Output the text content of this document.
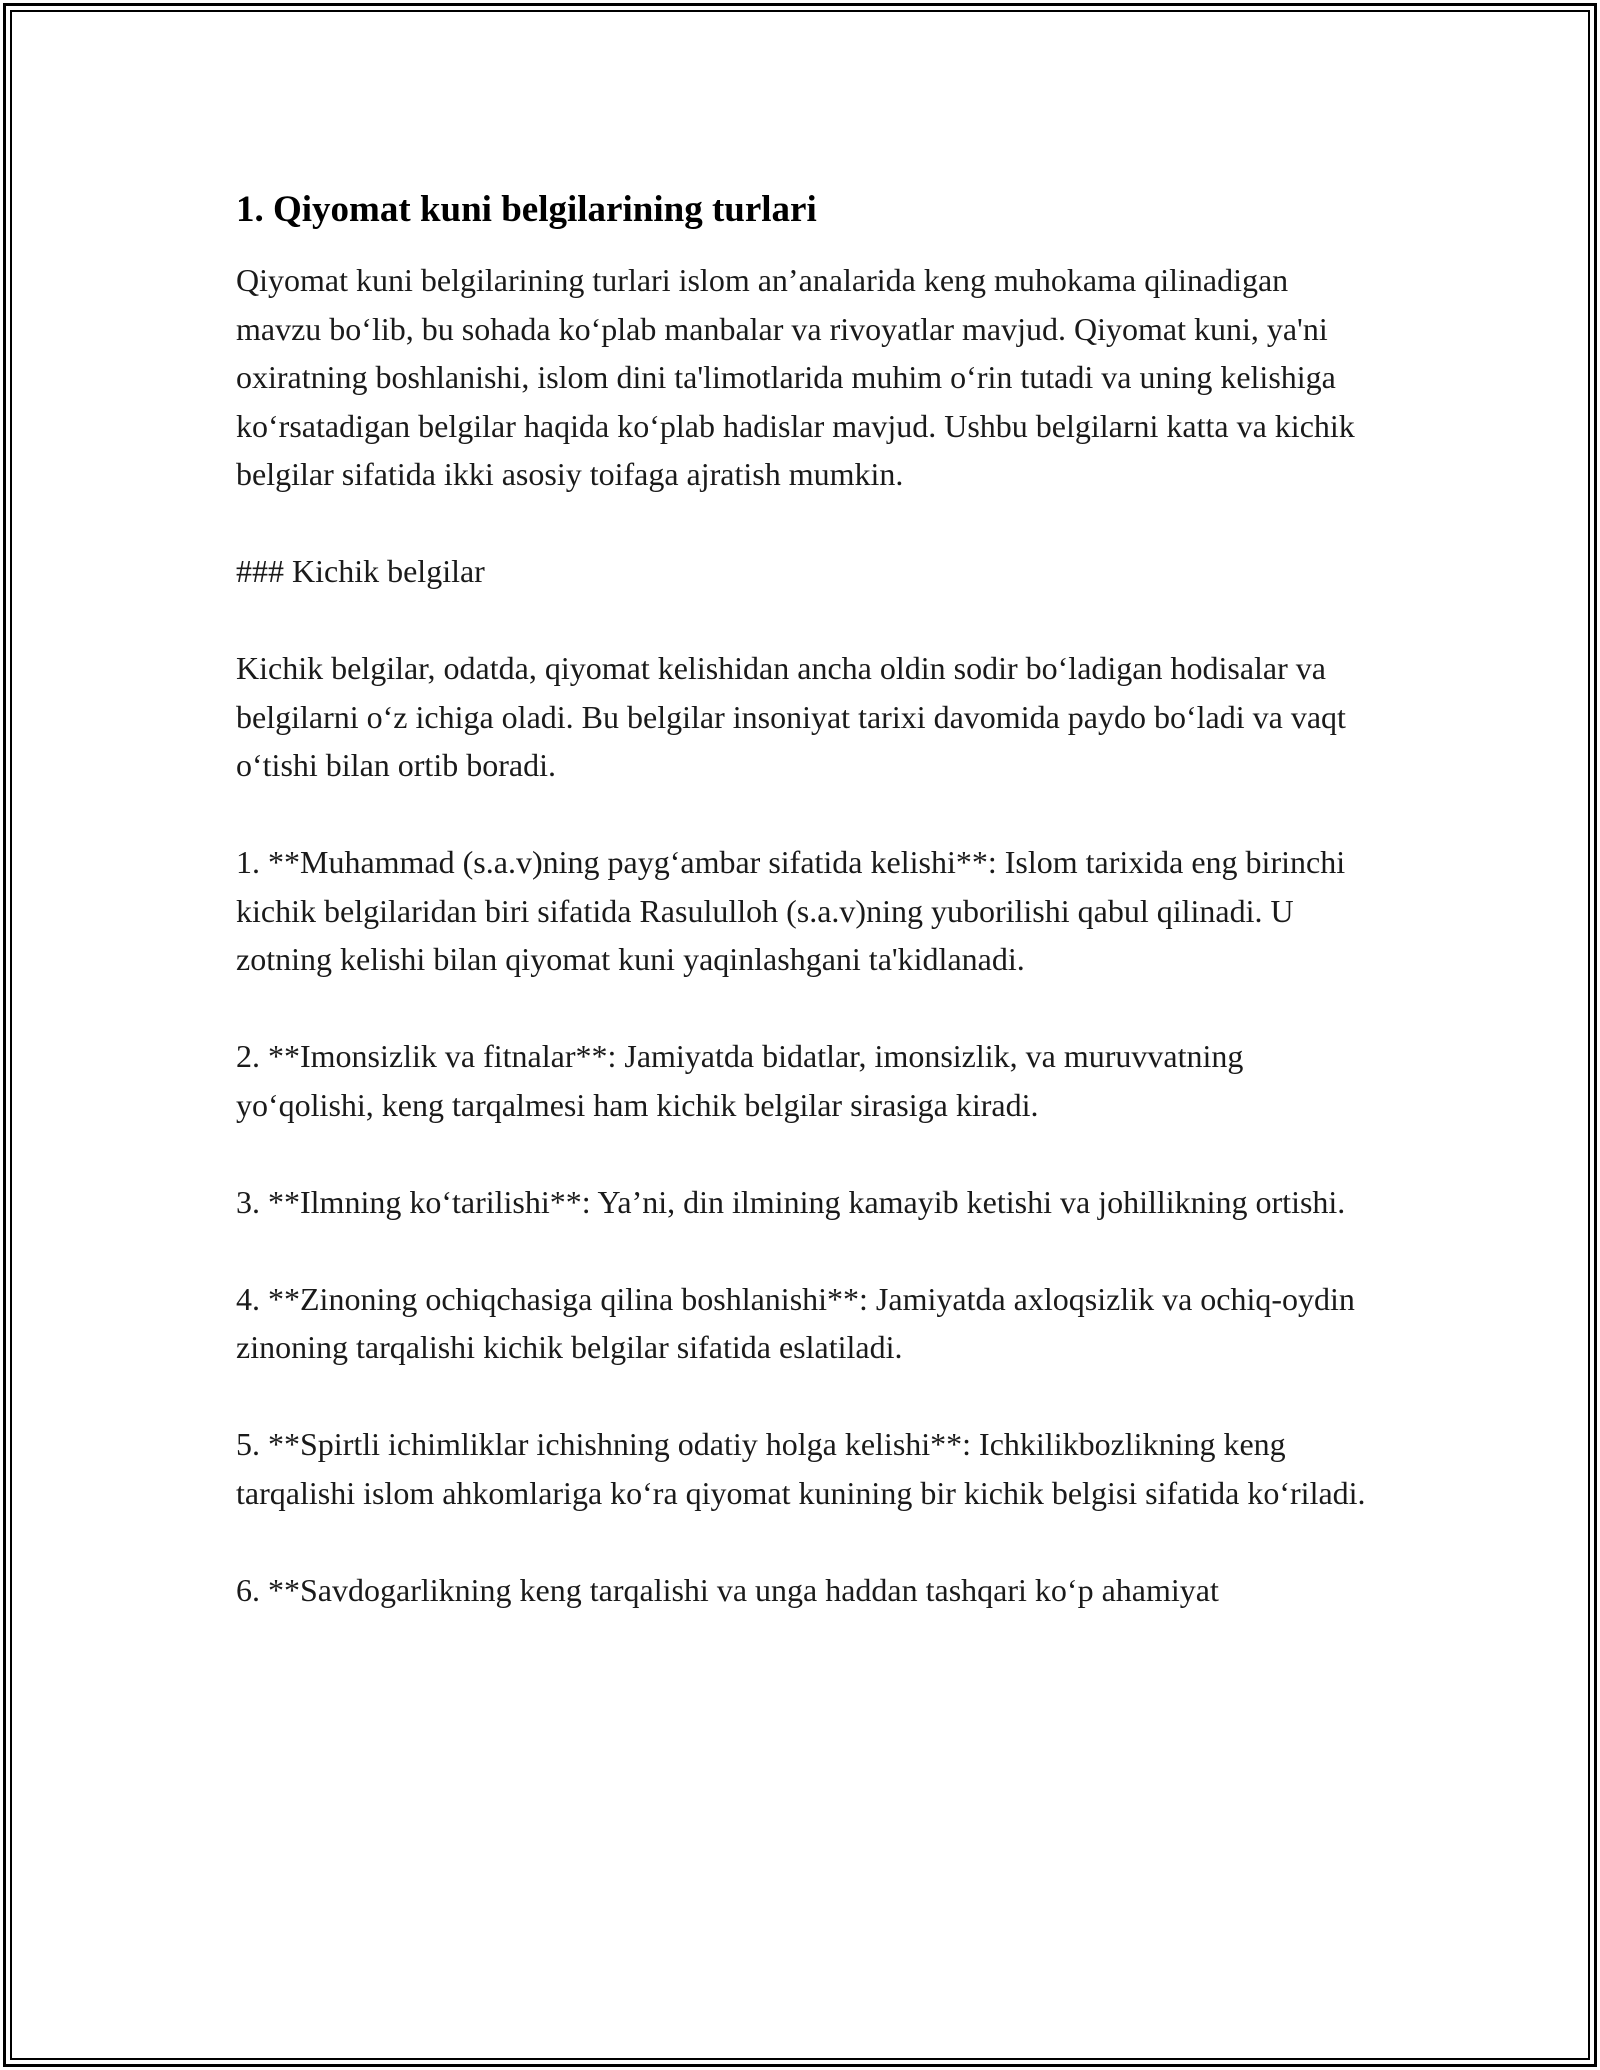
1. Qiyomat kuni belgilarining turlari

Qiyomat kuni belgilarining turlari islom an’analarida keng muhokama qilinadigan mavzu bo‘lib, bu sohada ko‘plab manbalar va rivoyatlar mavjud. Qiyomat kuni, ya'ni oxiratning boshlanishi, islom dini ta'limotlarida muhim o‘rin tutadi va uning kelishiga ko‘rsatadigan belgilar haqida ko‘plab hadislar mavjud. Ushbu belgilarni katta va kichik belgilar sifatida ikki asosiy toifaga ajratish mumkin.

### Kichik belgilar

Kichik belgilar, odatda, qiyomat kelishidan ancha oldin sodir bo‘ladigan hodisalar va belgilarni o‘z ichiga oladi. Bu belgilar insoniyat tarixi davomida paydo bo‘ladi va vaqt o‘tishi bilan ortib boradi.

1. **Muhammad (s.a.v)ning payg‘ambar sifatida kelishi**: Islom tarixida eng birinchi kichik belgilaridan biri sifatida Rasululloh (s.a.v)ning yuborilishi qabul qilinadi. U zotning kelishi bilan qiyomat kuni yaqinlashgani ta'kidlanadi.

2. **Imonsizlik va fitnalar**: Jamiyatda bidatlar, imonsizlik, va muruvvatning yo‘qolishi, keng tarqalmesi ham kichik belgilar sirasiga kiradi.

3. **Ilmning ko‘tarilishi**: Ya’ni, din ilmining kamayib ketishi va johillikning ortishi.

4. **Zinoning ochiqchasiga qilina boshlanishi**: Jamiyatda axloqsizlik va ochiq-oydin zinoning tarqalishi kichik belgilar sifatida eslatiladi.

5. **Spirtli ichimliklar ichishning odatiy holga kelishi**: Ichkilikbozlikning keng tarqalishi islom ahkomlariga ko‘ra qiyomat kunining bir kichik belgisi sifatida ko‘riladi.

6. **Savdogarlikning keng tarqalishi va unga haddan tashqari ko‘p ahamiyat
